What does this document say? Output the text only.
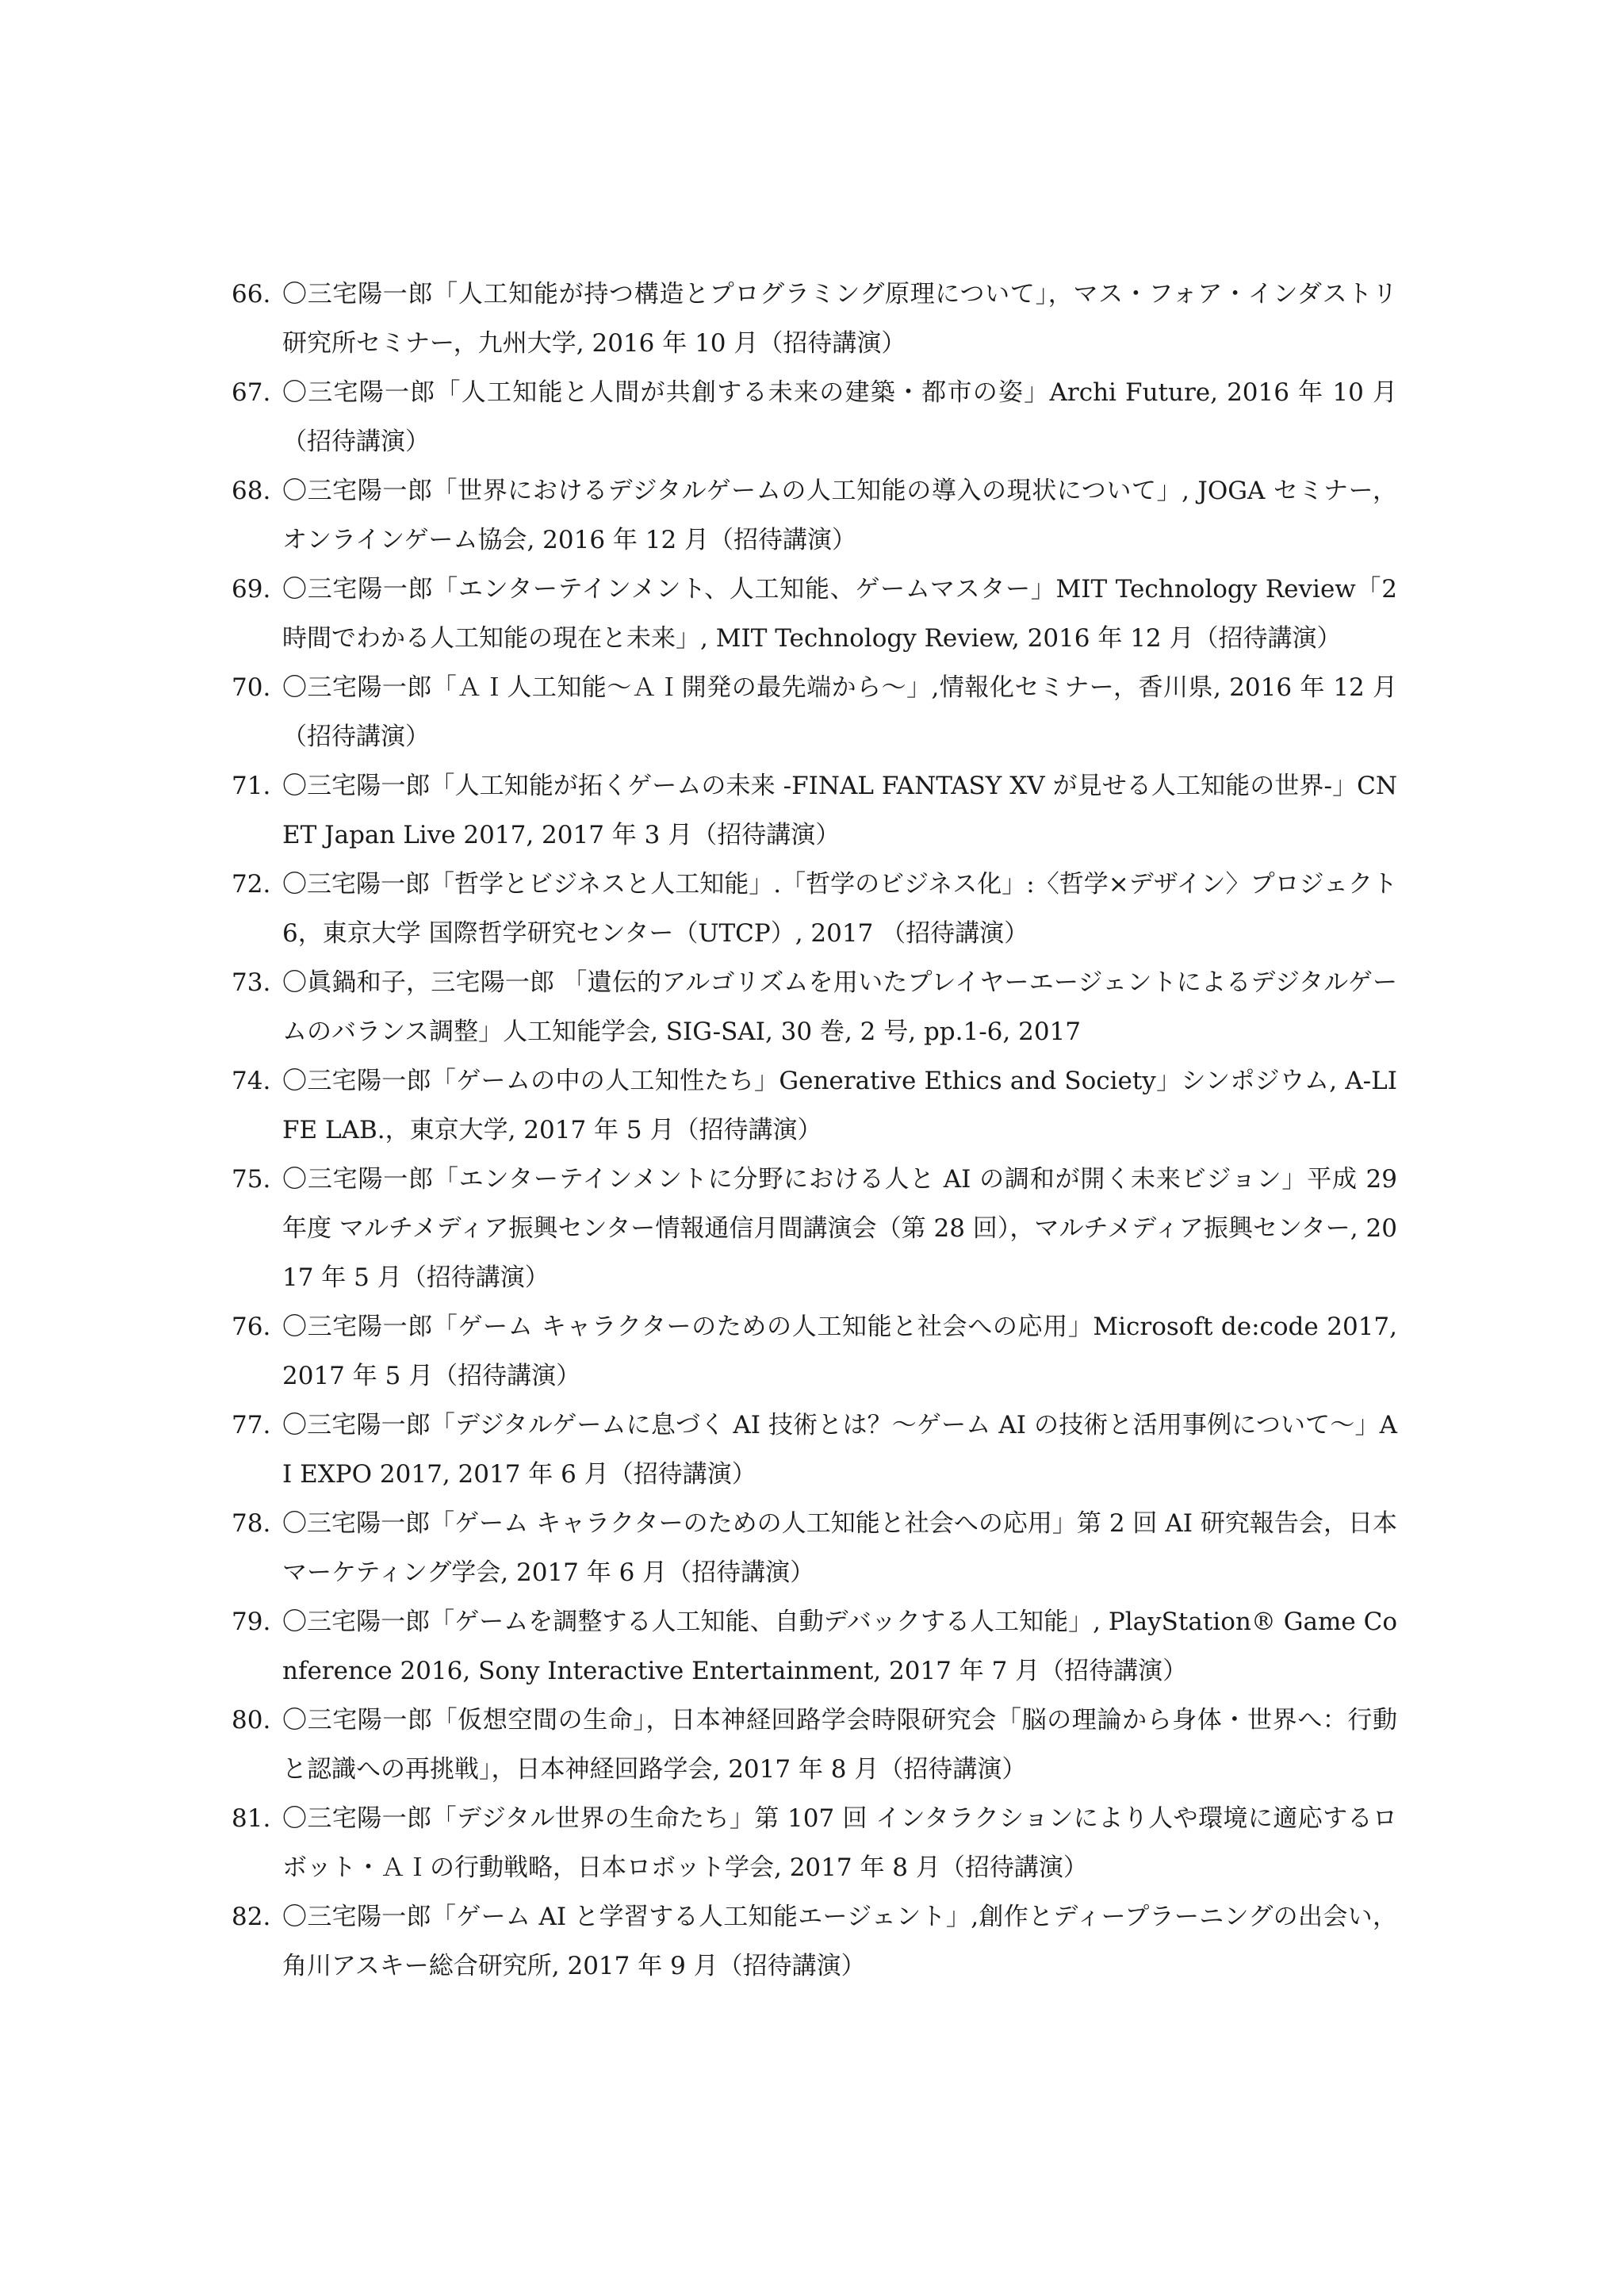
66. 〇三宅陽一郎「人工知能が持つ構造とプログラミング原理について」，マス・フォア・インダストリ研究所セミナー，九州大学, 2016 年 10 月（招待講演）
67. 〇三宅陽一郎「人工知能と人間が共創する未来の建築・都市の姿」Archi Future, 2016 年 10 月（招待講演）
68. 〇三宅陽一郎「世界におけるデジタルゲームの人工知能の導入の現状について」, JOGA セミナー，オンラインゲーム協会, 2016 年 12 月（招待講演）
69. 〇三宅陽一郎「エンターテインメント、人工知能、ゲームマスター」MIT Technology Review「2 時間でわかる人工知能の現在と未来」, MIT Technology Review, 2016 年 12 月（招待講演）
70. 〇三宅陽一郎「ＡＩ人工知能〜ＡＩ開発の最先端から〜」,情報化セミナー，香川県, 2016 年 12 月（招待講演）
71. 〇三宅陽一郎「人工知能が拓くゲームの未来 -FINAL FANTASY XV が見せる人工知能の世界-」CNET Japan Live 2017, 2017 年 3 月（招待講演）
72. 〇三宅陽一郎「哲学とビジネスと人工知能」.「哲学のビジネス化」:〈哲学×デザイン〉プロジェクト 6，東京大学 国際哲学研究センター（UTCP）, 2017 （招待講演）
73. 〇眞鍋和子，三宅陽一郎 「遺伝的アルゴリズムを用いたプレイヤーエージェントによるデジタルゲームのバランス調整」人工知能学会, SIG-SAI, 30 巻, 2 号, pp.1-6, 2017
74. 〇三宅陽一郎「ゲームの中の人工知性たち」Generative Ethics and Society」シンポジウム, A-LIFE LAB.，東京大学, 2017 年 5 月（招待講演）
75. 〇三宅陽一郎「エンターテインメントに分野における人と AI の調和が開く未来ビジョン」平成 29 年度 マルチメディア振興センター情報通信月間講演会（第 28 回），マルチメディア振興センター, 2017 年 5 月（招待講演）
76. 〇三宅陽一郎「ゲーム キャラクターのための人工知能と社会への応用」Microsoft de:code 2017, 2017 年 5 月（招待講演）
77. 〇三宅陽一郎「デジタルゲームに息づく AI 技術とは？〜ゲーム AI の技術と活用事例について〜」AI EXPO 2017, 2017 年 6 月（招待講演）
78. 〇三宅陽一郎「ゲーム キャラクターのための人工知能と社会への応用」第 2 回 AI 研究報告会，日本マーケティング学会, 2017 年 6 月（招待講演）
79. 〇三宅陽一郎「ゲームを調整する人工知能、自動デバックする人工知能」, PlayStation® Game Conference 2016, Sony Interactive Entertainment, 2017 年 7 月（招待講演）
80. 〇三宅陽一郎「仮想空間の生命」，日本神経回路学会時限研究会「脳の理論から身体・世界へ：行動と認識への再挑戦」，日本神経回路学会, 2017 年 8 月（招待講演）
81. 〇三宅陽一郎「デジタル世界の生命たち」第 107 回 インタラクションにより人や環境に適応するロボット・ＡＩの行動戦略，日本ロボット学会, 2017 年 8 月（招待講演）
82. 〇三宅陽一郎「ゲーム AI と学習する人工知能エージェント」,創作とディープラーニングの出会い，角川アスキー総合研究所, 2017 年 9 月（招待講演）
